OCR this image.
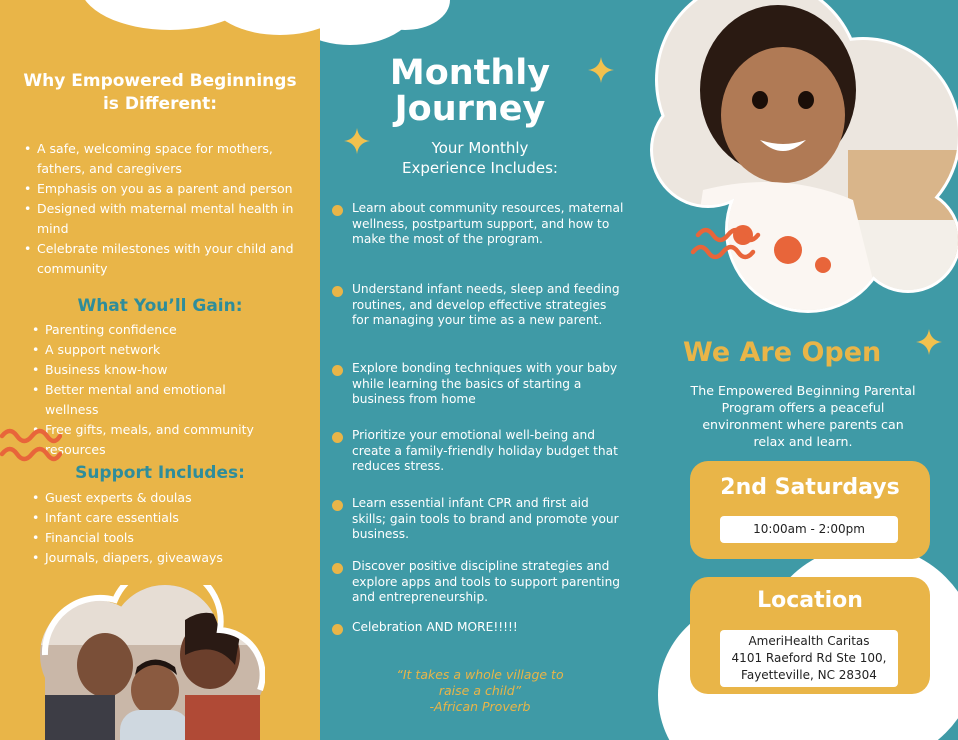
Why Empowered Beginnings
is Different:
• A safe, welcoming space for mothers, fathers, and caregivers
• Emphasis on you as a parent and person
• Designed with maternal mental health in mind
• Celebrate milestones with your child and community
What You’ll Gain:
• Parenting confidence
• A support network
• Business know-how
• Better mental and emotional wellness
• Free gifts, meals, and community resources
Support Includes:
• Guest experts & doulas
• Infant care essentials
• Financial tools
• Journals, diapers, giveaways
Monthly
Journey
Your Monthly
Experience Includes:
Learn about community resources, maternal wellness, postpartum support, and how to make the most of the program.
Understand infant needs, sleep and feeding routines, and develop effective strategies for managing your time as a new parent.
Explore bonding techniques with your baby while learning the basics of starting a business from home
Prioritize your emotional well-being and create a family-friendly holiday budget that reduces stress.
Learn essential infant CPR and first aid skills; gain tools to brand and promote your business.
Discover positive discipline strategies and explore apps and tools to support parenting and entrepreneurship.
Celebration AND MORE!!!!!
“It takes a whole village to
raise a child”
-African Proverb
We Are Open
The Empowered Beginning Parental
Program offers a peaceful
environment where parents can
relax and learn.
2nd Saturdays
10:00am - 2:00pm
Location
AmeriHealth Caritas
4101 Raeford Rd Ste 100,
Fayetteville, NC 28304
